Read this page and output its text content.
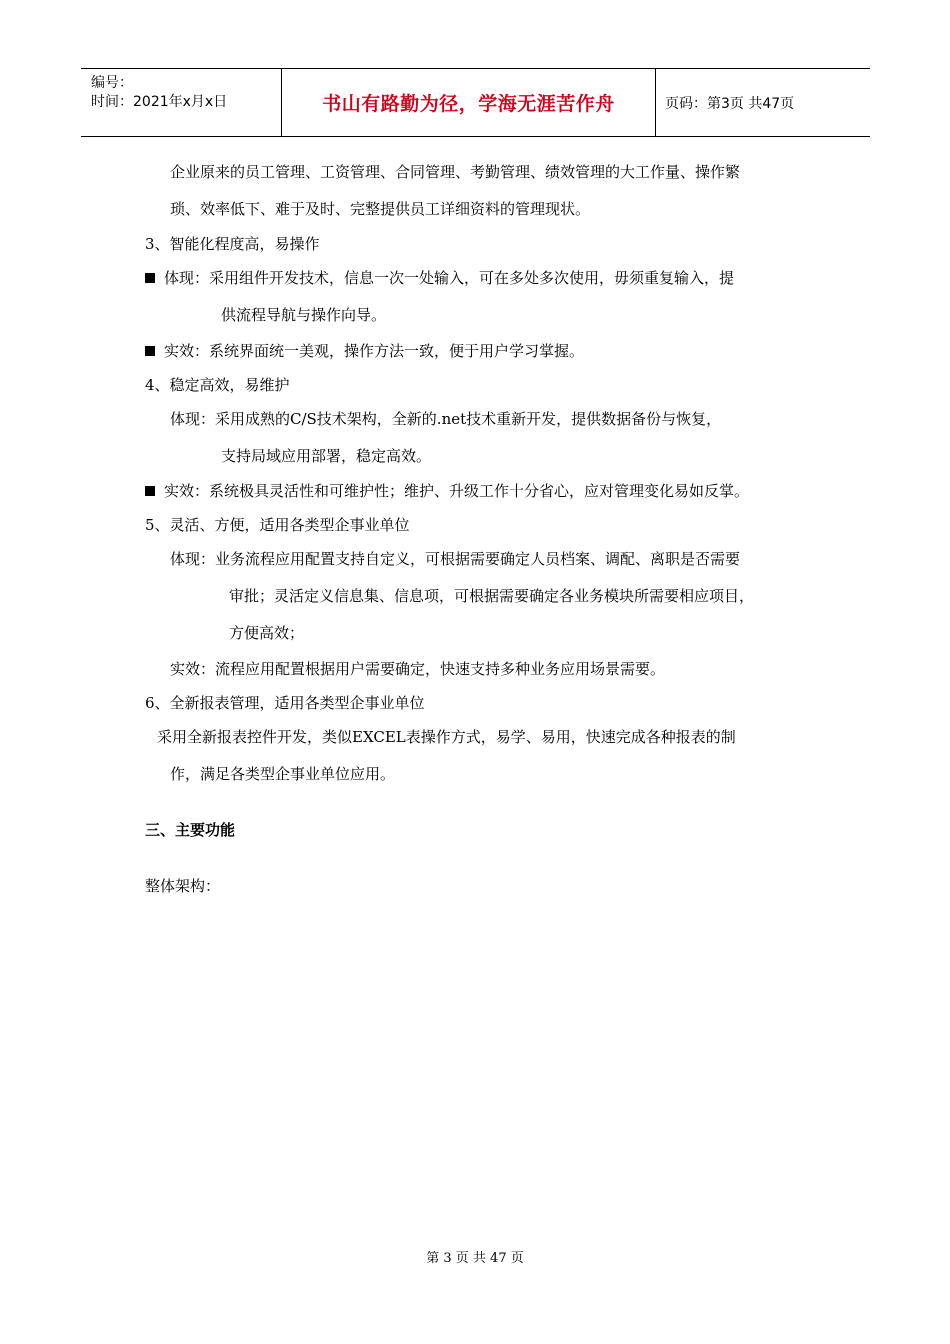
编号：
时间：2021年x月x日	书山有路勤为径，学海无涯苦作舟	页码：第3页 共47页
企业原来的员工管理、工资管理、合同管理、考勤管理、绩效管理的大工作量、操作繁
琐、效率低下、难于及时、完整提供员工详细资料的管理现状。
3、智能化程度高，易操作
体现：采用组件开发技术，信息一次一处输入，可在多处多次使用，毋须重复输入，提
供流程导航与操作向导。
实效：系统界面统一美观，操作方法一致，便于用户学习掌握。
4、稳定高效，易维护
体现：采用成熟的C/S技术架构，全新的.net技术重新开发，提供数据备份与恢复，
支持局域应用部署，稳定高效。
实效：系统极具灵活性和可维护性；维护、升级工作十分省心，应对管理变化易如反掌。
5、灵活、方便，适用各类型企事业单位
体现：业务流程应用配置支持自定义，可根据需要确定人员档案、调配、离职是否需要
审批；灵活定义信息集、信息项，可根据需要确定各业务模块所需要相应项目，
方便高效；
实效：流程应用配置根据用户需要确定，快速支持多种业务应用场景需要。
6、全新报表管理，适用各类型企事业单位
采用全新报表控件开发，类似EXCEL表操作方式，易学、易用，快速完成各种报表的制
作，满足各类型企事业单位应用。
三、主要功能
整体架构：
第 3 页 共 47 页
